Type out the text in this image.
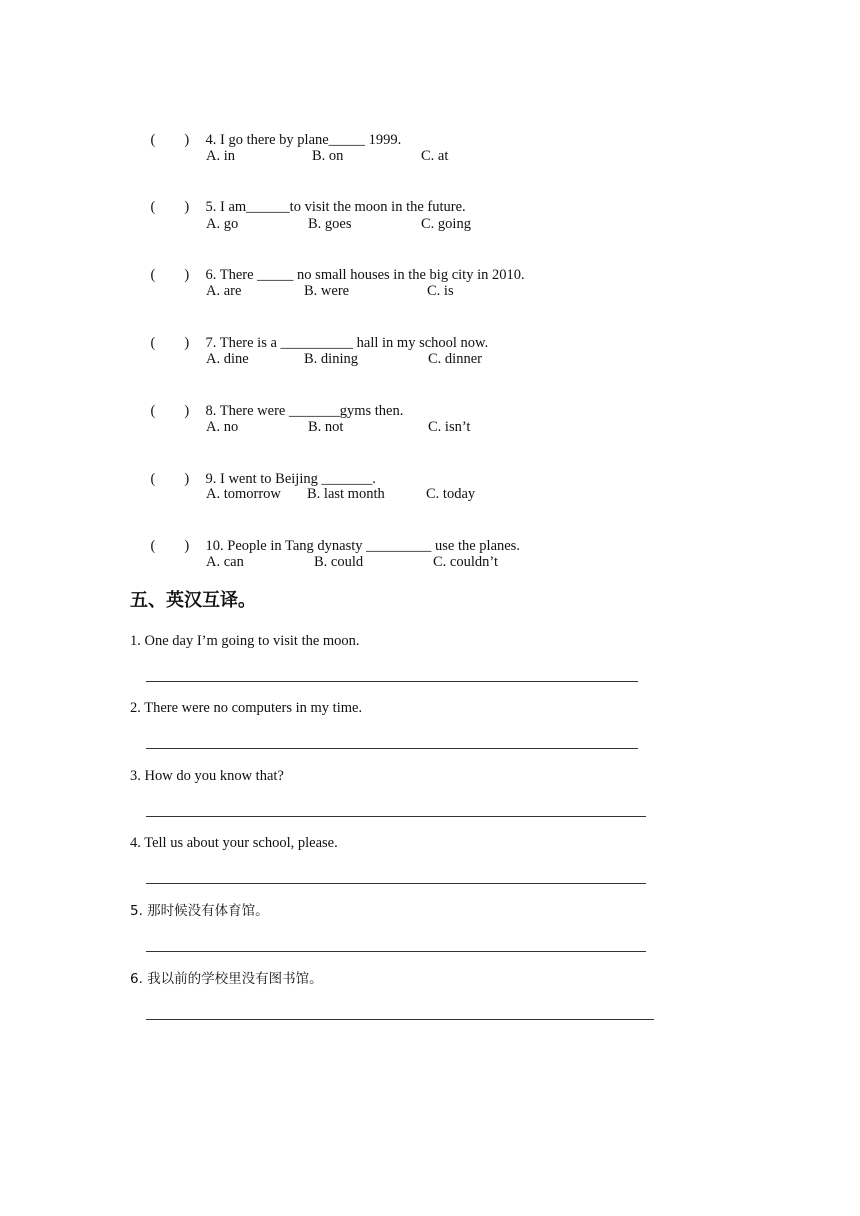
(        ) 4. I go there by plane_____ 1999.

A. in

	B. on

	C. at

(        ) 5. I am______to visit the moon in the future.

A. go

	B. goes

	C. going

(        ) 6. There _____ no small houses in the big city in 2010.

A. are

	B. were

	C. is

(        ) 7. There is a __________ hall in my school now.

A. dine

	B. dining

	C. dinner

(        ) 8. There were _______gyms then.

A. no

	B. not

	C. isn’t

(        ) 9. I went to Beijing _______.

A. tomorrow

B. last month

	C. today

(        ) 10. People in Tang dynasty _________ use the planes.

A. can

	B. could

	C. couldn’t

五、英汉互译。
1. One day I’m going to visit the moon.
2. There were no computers in my time.
3. How do you know that?
4. Tell us about your school, please.
5. 那时候没有体育馆。
6. 我以前的学校里没有图书馆。
